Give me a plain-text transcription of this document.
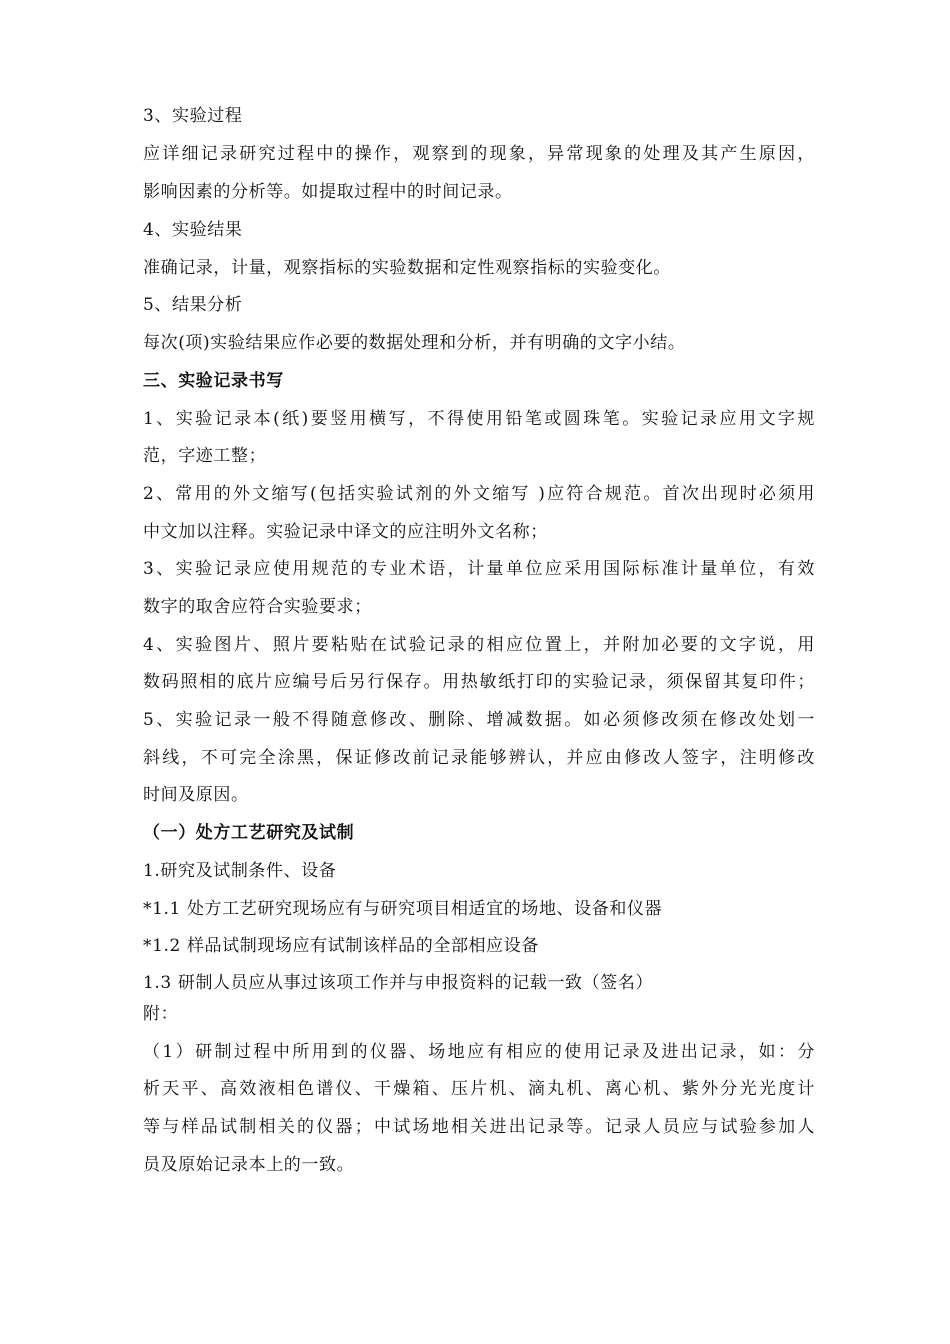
3、实验过程
应详细记录研究过程中的操作，观察到的现象，异常现象的处理及其产生原因，
影响因素的分析等。如提取过程中的时间记录。
4、实验结果
准确记录，计量，观察指标的实验数据和定性观察指标的实验变化。
5、结果分析
每次(项)实验结果应作必要的数据处理和分析，并有明确的文字小结。
三、实验记录书写
1、实验记录本(纸)要竖用横写，不得使用铅笔或圆珠笔。实验记录应用文字规
范，字迹工整；
2、常用的外文缩写(包括实验试剂的外文缩写 )应符合规范。首次出现时必须用
中文加以注释。实验记录中译文的应注明外文名称；
3、实验记录应使用规范的专业术语，计量单位应采用国际标准计量单位，有效
数字的取舍应符合实验要求；
4、实验图片、照片要粘贴在试验记录的相应位置上，并附加必要的文字说，用
数码照相的底片应编号后另行保存。用热敏纸打印的实验记录，须保留其复印件；
5、实验记录一般不得随意修改、删除、增减数据。如必须修改须在修改处划一
斜线，不可完全涂黑，保证修改前记录能够辨认，并应由修改人签字，注明修改
时间及原因。
（一）处方工艺研究及试制
1.研究及试制条件、设备
*1.1 处方工艺研究现场应有与研究项目相适宜的场地、设备和仪器
*1.2 样品试制现场应有试制该样品的全部相应设备
1.3 研制人员应从事过该项工作并与申报资料的记载一致（签名）
附：
（1）研制过程中所用到的仪器、场地应有相应的使用记录及进出记录，如：分
析天平、高效液相色谱仪、干燥箱、压片机、滴丸机、离心机、紫外分光光度计
等与样品试制相关的仪器；中试场地相关进出记录等。记录人员应与试验参加人
员及原始记录本上的一致。
